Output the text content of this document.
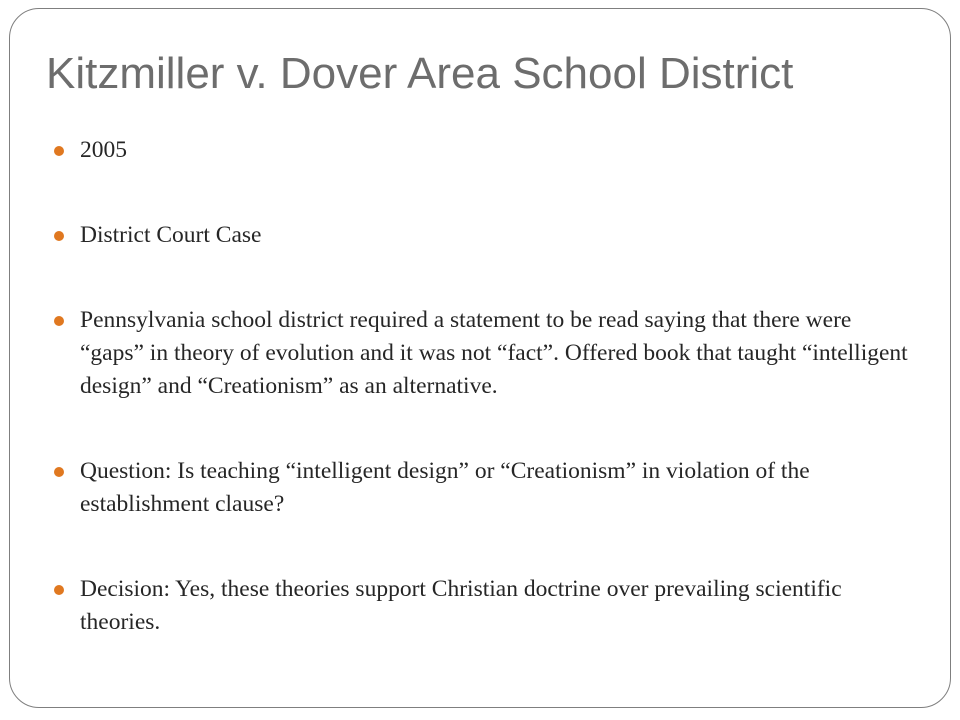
Kitzmiller v. Dover Area School District
2005
District Court Case
Pennsylvania school district required a statement to be read saying that there were “gaps” in theory of evolution and it was not “fact”. Offered book that taught “intelligent design” and “Creationism” as an alternative.
Question: Is teaching “intelligent design” or “Creationism” in violation of the establishment clause?
Decision: Yes, these theories support Christian doctrine over prevailing scientific theories.
